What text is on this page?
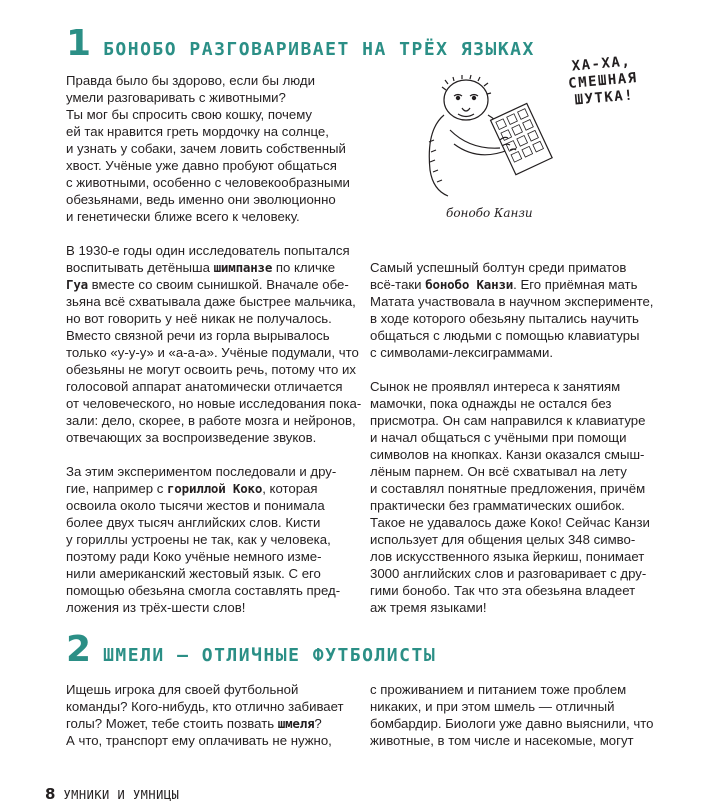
1 БОНОБО РАЗГОВАРИВАЕТ НА ТРЁХ ЯЗЫКАХ

Правда было бы здорово, если бы люди
умели разговаривать с животными?
Ты мог бы спросить свою кошку, почему
ей так нравится греть мордочку на солнце,
и узнать у собаки, зачем ловить собственный
хвост. Учёные уже давно пробуют общаться
с животными, особенно с человекообразными
обезьянами, ведь именно они эволюционно
и генетически ближе всего к человеку.

В 1930-е годы один исследователь попытался
воспитывать детёныша шимпанзе по кличке
Гуа вместе со своим сынишкой. Вначале обе-
зьяна всё схватывала даже быстрее мальчика,
но вот говорить у неё никак не получалось.
Вместо связной речи из горла вырывалось
только «у-у-у» и «а-а-а». Учёные подумали, что
обезьяны не могут освоить речь, потому что их
голосовой аппарат анатомически отличается
от человеческого, но новые исследования пока-
зали: дело, скорее, в работе мозга и нейронов,
отвечающих за воспроизведение звуков.

За этим экспериментом последовали и дру-
гие, например с гориллой Коко, которая
освоила около тысячи жестов и понимала
более двух тысяч английских слов. Кисти
у гориллы устроены не так, как у человека,
поэтому ради Коко учёные немного изме-
нили американский жестовый язык. С его
помощью обезьяна смогла составлять пред-
ложения из трёх-шести слов!

Самый успешный болтун среди приматов
всё-таки бонобо Канзи. Его приёмная мать
Матата участвовала в научном эксперименте,
в ходе которого обезьяну пытались научить
общаться с людьми с помощью клавиатуры
с символами-лексиграммами.

Сынок не проявлял интереса к занятиям
мамочки, пока однажды не остался без
присмотра. Он сам направился к клавиатуре
и начал общаться с учёными при помощи
символов на кнопках. Канзи оказался смыш-
лёным парнем. Он всё схватывал на лету
и составлял понятные предложения, причём
практически без грамматических ошибок.
Такое не удавалось даже Коко! Сейчас Канзи
использует для общения целых 348 симво-
лов искусственного языка йеркиш, понимает
3000 английских слов и разговаривает с дру-
гими бонобо. Так что эта обезьяна владеет
аж тремя языками!

ХА-ХА,
СМЕШНАЯ
ШУТКА!
бонобо Канзи
2 ШМЕЛИ — ОТЛИЧНЫЕ ФУТБОЛИСТЫ

Ищешь игрока для своей футбольной
команды? Кого-нибудь, кто отлично забивает
голы? Может, тебе стоить позвать шмеля?
А что, транспорт ему оплачивать не нужно,

с проживанием и питанием тоже проблем
никаких, и при этом шмель — отличный
бомбардир. Биологи уже давно выяснили, что
животные, в том числе и насекомые, могут

8 УМНИКИ И УМНИЦЫ
